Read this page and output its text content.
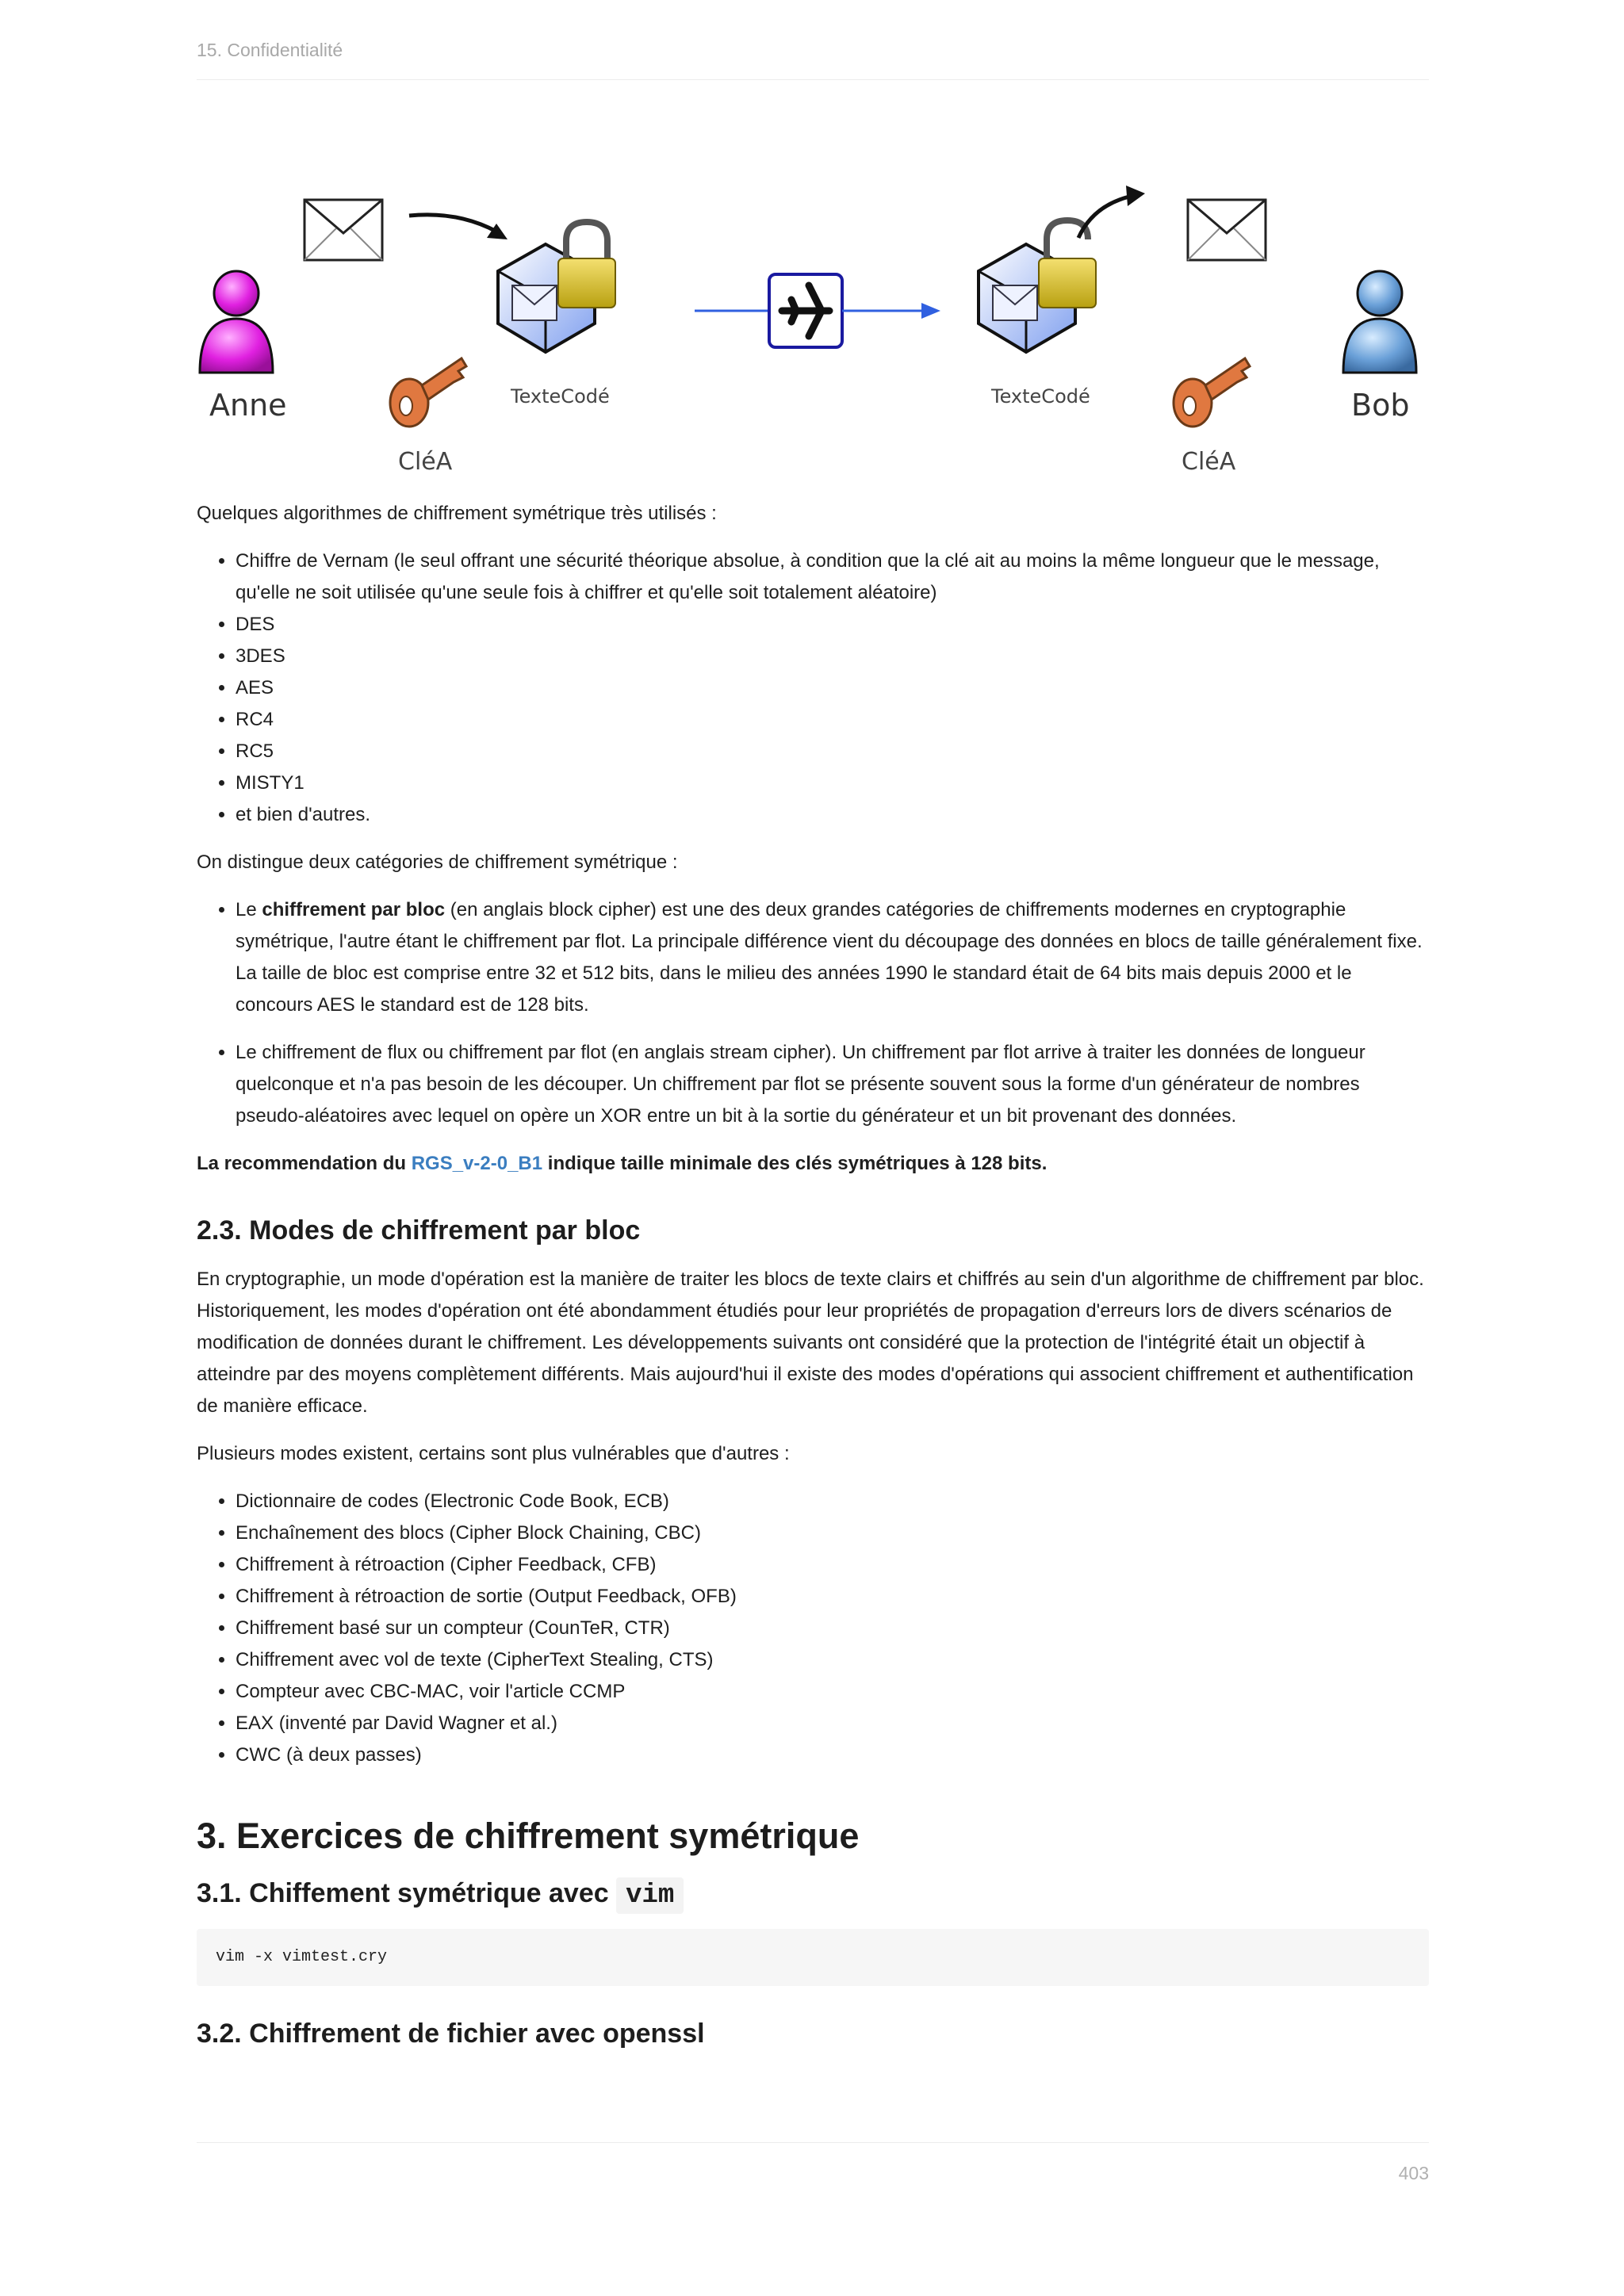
15. Confidentialité
Anne	TexteCodé
CléA
TexteCodé
CléA
Bob

Quelques algorithmes de chiffrement symétrique très utilisés :

• Chiffre de Vernam (le seul offrant une sécurité théorique absolue, à condition que la clé ait au moins la même longueur que le message, qu'elle ne soit utilisée qu'une seule fois à chiffrer et qu'elle soit totalement aléatoire)
• DES
• 3DES
• AES
• RC4
• RC5
• MISTY1
• et bien d'autres.

On distingue deux catégories de chiffrement symétrique :

• Le chiffrement par bloc (en anglais block cipher) est une des deux grandes catégories de chiffrements modernes en cryptographie symétrique, l'autre étant le chiffrement par flot. La principale différence vient du découpage des données en blocs de taille généralement fixe. La taille de bloc est comprise entre 32 et 512 bits, dans le milieu des années 1990 le standard était de 64 bits mais depuis 2000 et le concours AES le standard est de 128 bits.
• Le chiffrement de flux ou chiffrement par flot (en anglais stream cipher). Un chiffrement par flot arrive à traiter les données de longueur quelconque et n'a pas besoin de les découper. Un chiffrement par flot se présente souvent sous la forme d'un générateur de nombres pseudo-aléatoires avec lequel on opère un XOR entre un bit à la sortie du générateur et un bit provenant des données.

La recommendation du RGS_v-2-0_B1 indique taille minimale des clés symétriques à 128 bits.

2.3. Modes de chiffrement par bloc

En cryptographie, un mode d'opération est la manière de traiter les blocs de texte clairs et chiffrés au sein d'un algorithme de chiffrement par bloc. Historiquement, les modes d'opération ont été abondamment étudiés pour leur propriétés de propagation d'erreurs lors de divers scénarios de modification de données durant le chiffrement. Les développements suivants ont considéré que la protection de l'intégrité était un objectif à atteindre par des moyens complètement différents. Mais aujourd'hui il existe des modes d'opérations qui associent chiffrement et authentification de manière efficace.

Plusieurs modes existent, certains sont plus vulnérables que d'autres :

• Dictionnaire de codes (Electronic Code Book, ECB)
• Enchaînement des blocs (Cipher Block Chaining, CBC)
• Chiffrement à rétroaction (Cipher Feedback, CFB)
• Chiffrement à rétroaction de sortie (Output Feedback, OFB)
• Chiffrement basé sur un compteur (CounTeR, CTR)
• Chiffrement avec vol de texte (CipherText Stealing, CTS)
• Compteur avec CBC-MAC, voir l'article CCMP
• EAX (inventé par David Wagner et al.)
• CWC (à deux passes)
3. Exercices de chiffrement symétrique
3.1. Chiffement symétrique avec vim
vim -x vimtest.cry
3.2. Chiffrement de fichier avec openssl
403
